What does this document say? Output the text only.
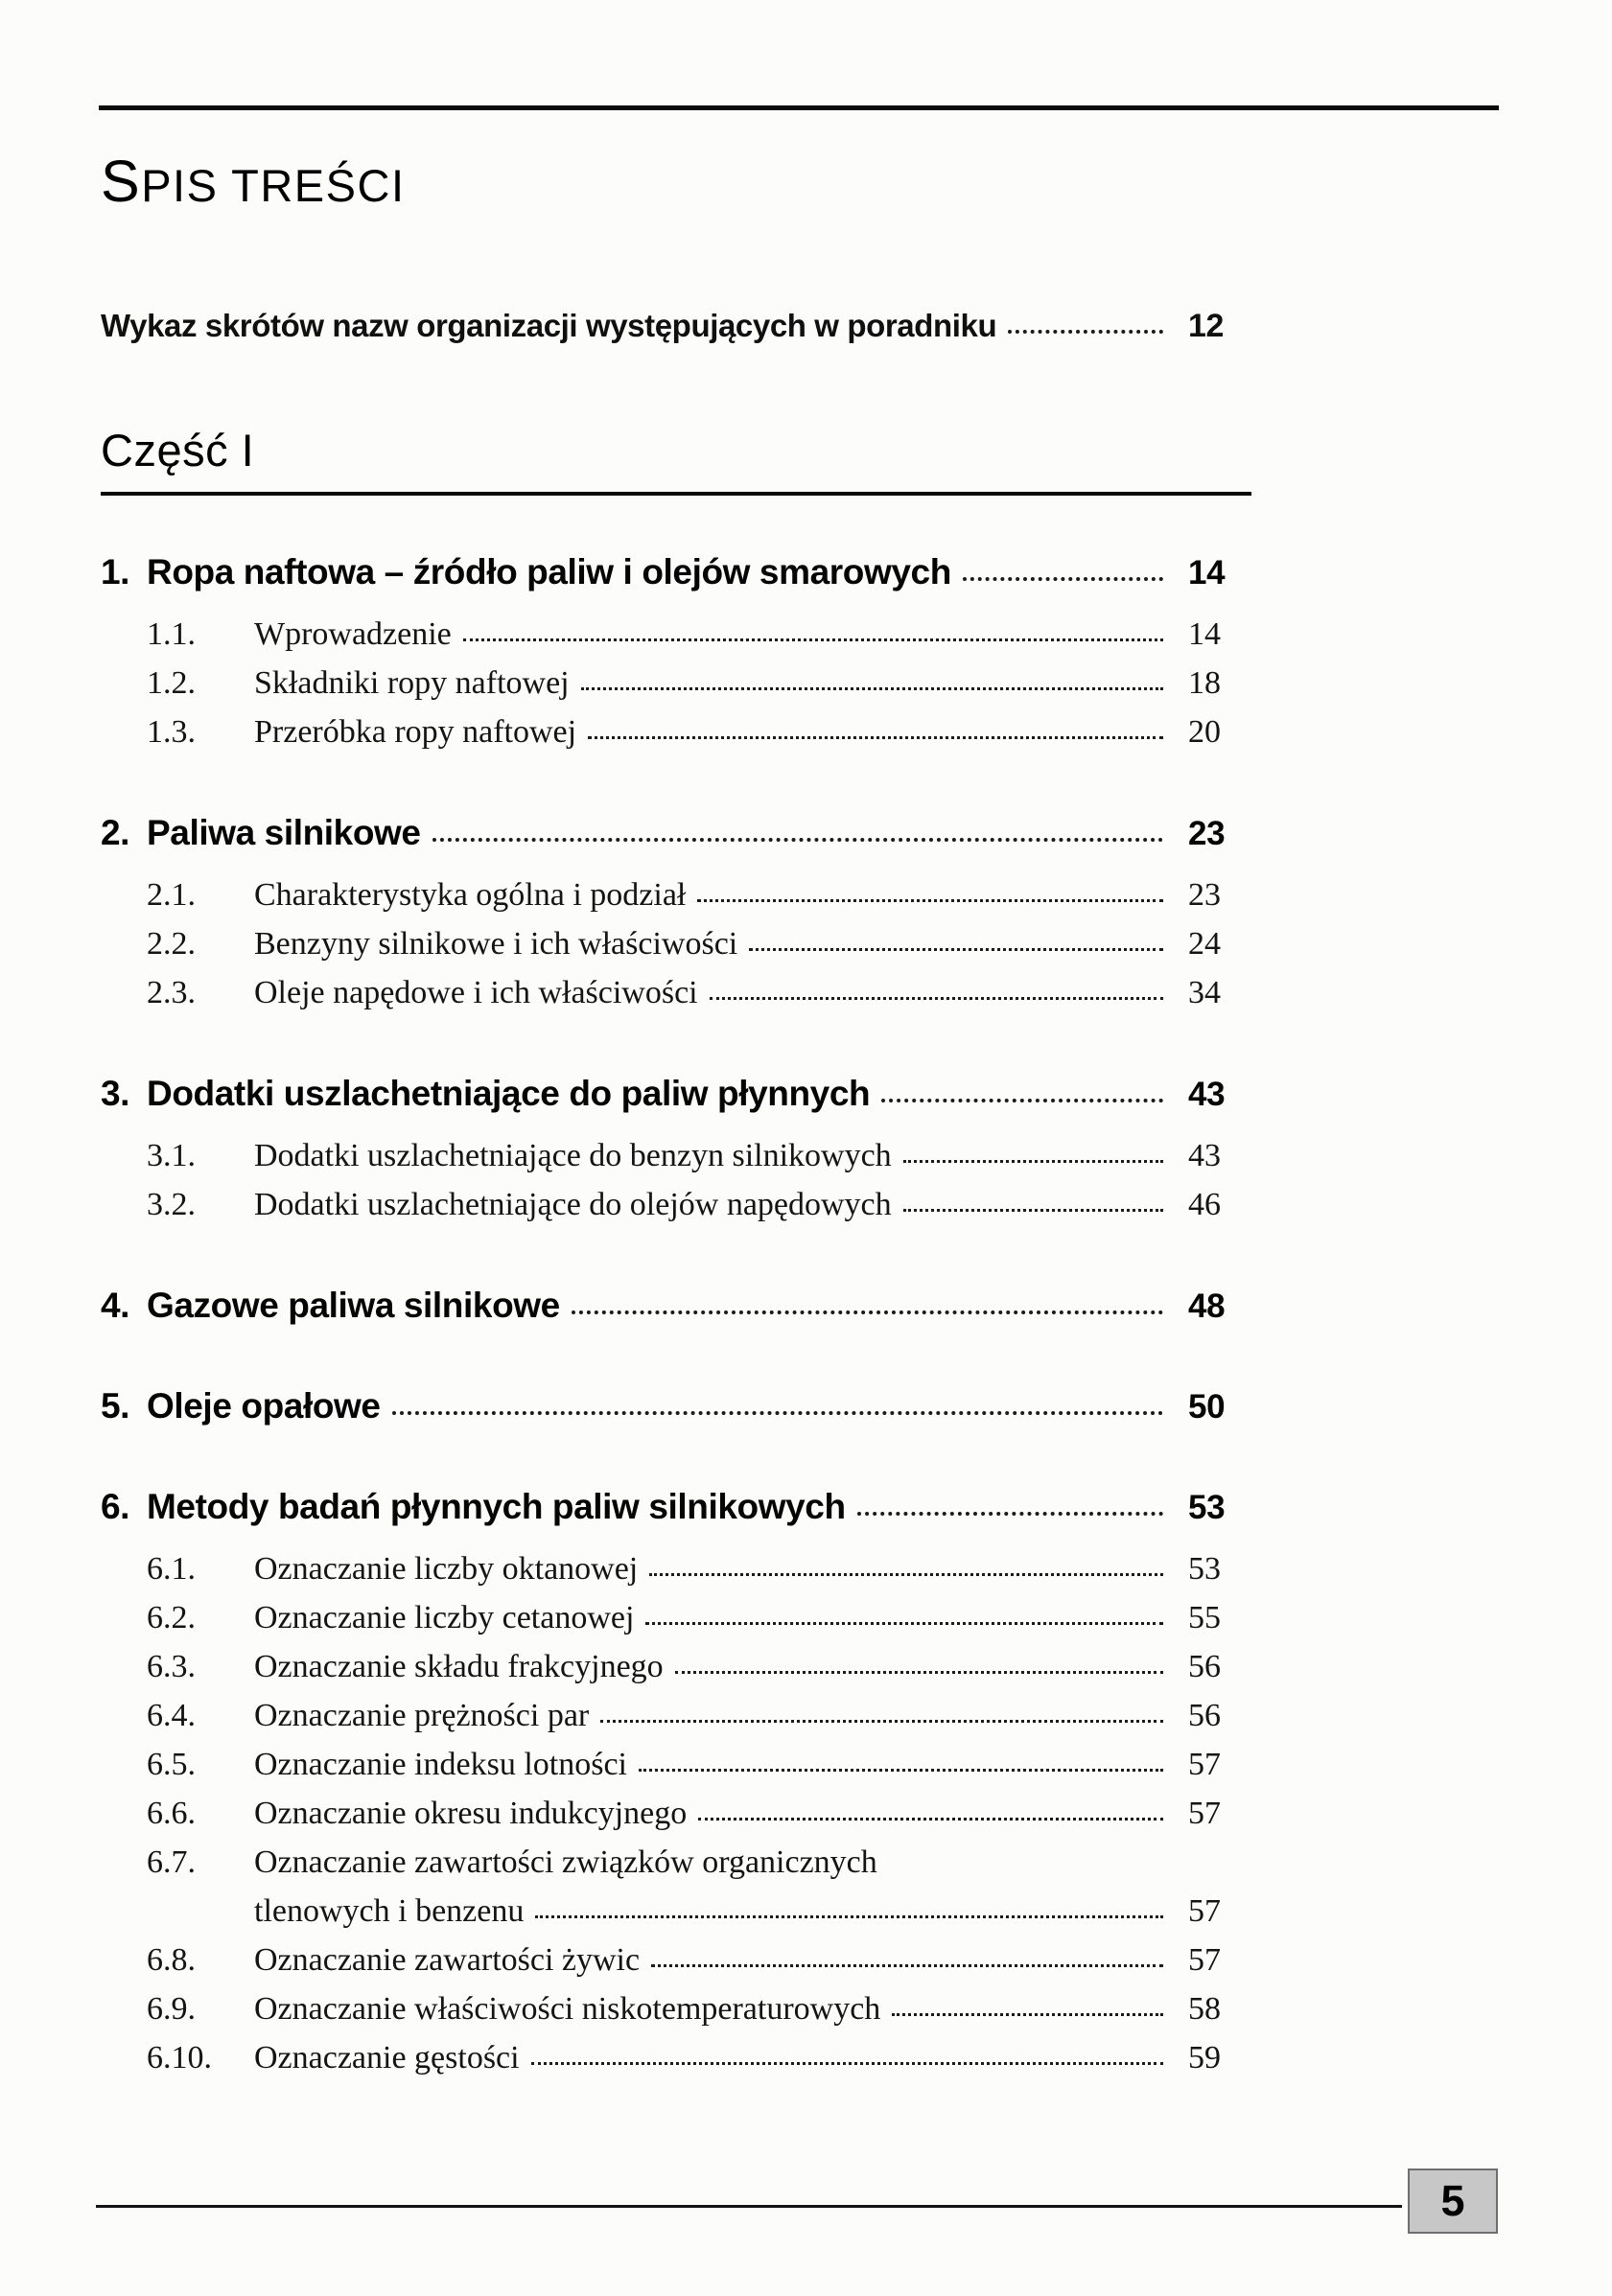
SPIS TREŚCI
Wykaz skrótów nazw organizacji występujących w poradniku	12
Część I
1. Ropa naftowa – źródło paliw i olejów smarowych	14
1.1.	Wprowadzenie	14
1.2.	Składniki ropy naftowej	18
1.3.	Przeróbka ropy naftowej	20
2. Paliwa silnikowe	23
2.1.	Charakterystyka ogólna i podział	23
2.2.	Benzyny silnikowe i ich właściwości	24
2.3.	Oleje napędowe i ich właściwości	34
3. Dodatki uszlachetniające do paliw płynnych	43
3.1.	Dodatki uszlachetniające do benzyn silnikowych	43
3.2.	Dodatki uszlachetniające do olejów napędowych	46
4. Gazowe paliwa silnikowe	48
5. Oleje opałowe	50
6. Metody badań płynnych paliw silnikowych	53
6.1.	Oznaczanie liczby oktanowej	53
6.2.	Oznaczanie liczby cetanowej	55
6.3.	Oznaczanie składu frakcyjnego	56
6.4.	Oznaczanie prężności par	56
6.5.	Oznaczanie indeksu lotności	57
6.6.	Oznaczanie okresu indukcyjnego	57
6.7.	Oznaczanie zawartości związków organicznych
tlenowych i benzenu	57
6.8.	Oznaczanie zawartości żywic	57
6.9.	Oznaczanie właściwości niskotemperaturowych	58
6.10.	Oznaczanie gęstości	59
5
